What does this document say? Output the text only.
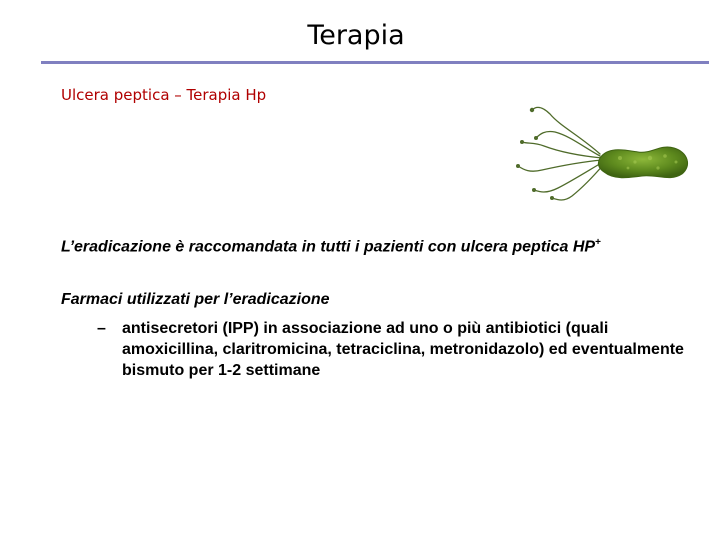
Terapia
Ulcera peptica – Terapia Hp
L’eradicazione è raccomandata in tutti i pazienti con ulcera peptica HP+
Farmaci utilizzati per l’eradicazione
–	antisecretori (IPP) in associazione ad uno o più antibiotici (quali amoxicillina, claritromicina, tetraciclina, metronidazolo) ed eventualmente bismuto per 1-2 settimane
